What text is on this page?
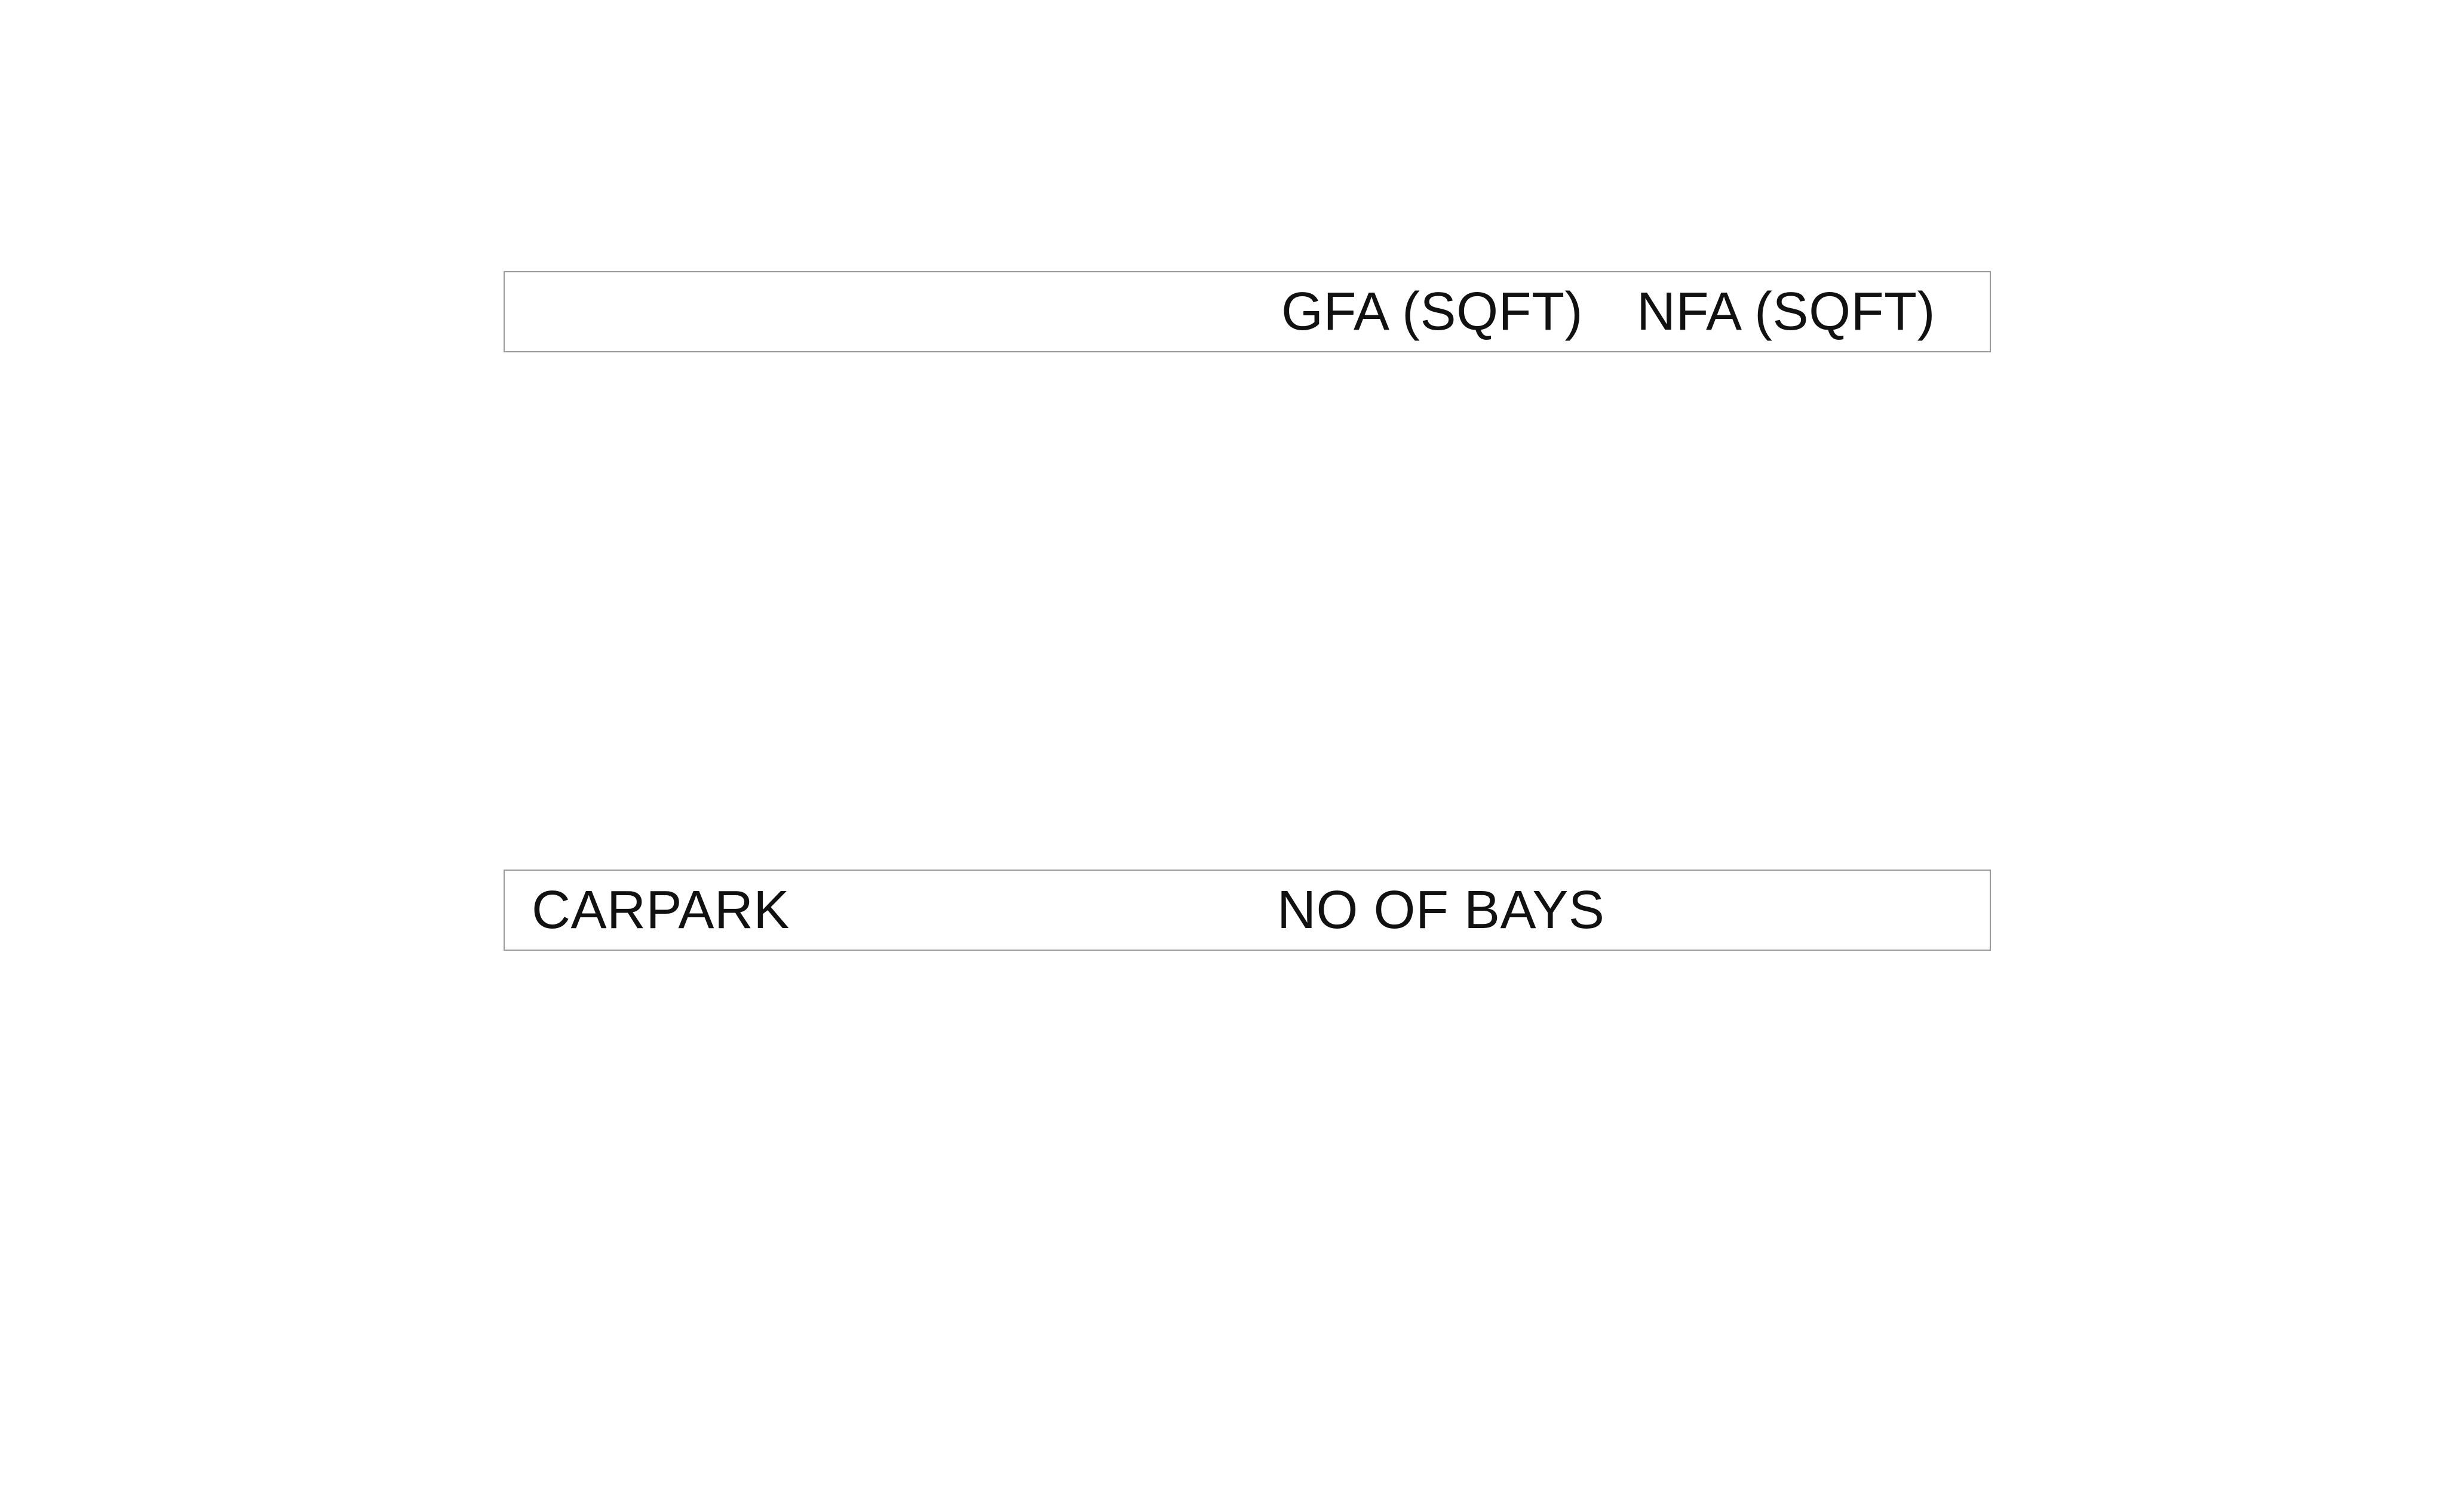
GFA (SQFT) NFA (SQFT)
CARPARK	NO OF BAYS
